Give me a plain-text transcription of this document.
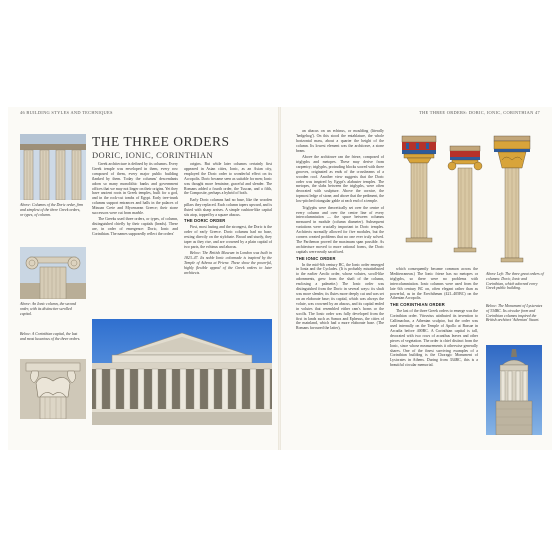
46 BUILDING STYLES AND TECHNIQUES	THE THREE ORDERS: DORIC, IONIC, CORINTHIAN 47
Above: Columns of the Doric order, firm and simplest of the three Greek orders, or types, of column.
Above: An Ionic column, the second order, with its distinctive scrolled capital.
Below: A Corinthian capital, the last and most luxurious of the three orders.
THE THREE ORDERS
DORIC, IONIC, CORINTHIAN

Greek architecture is defined by its columns. Every Greek temple was enveloped in them, every row composed of them, every major public building flanked by them. Today the columns' descendants adorn so many monolithic banks and government offices that we may not linger on their origins. Yet they have ancient roots in Greek temples, built for a god, and in the rock-cut tombs of Egypt. Early tree-trunk columns support entrances and halls in the palaces of Minoan Crete and Mycenaean Greece; their stone successors were cut from marble.

The Greeks used three orders, or types, of column, distinguished chiefly by their capitals (heads). These are, in order of emergence: Doric, Ionic and Corinthian. The names supposedly reflect the orders'

origins. But while later columns certainly first appeared in Asian cities, Ionic, as an Asian city, employed the Doric order to wonderful effect on its Acropolis. Doric became seen as suitable for men; Ionic was thought more feminine, graceful and slender. The Romans added a fourth order, the Tuscan, and a fifth, the Composite, perhaps a hybrid of both.

Early Doric columns had no base, like the wooden pillars they replaced. Each column tapers upward, and is fluted with sharp arrises. A simple cushion-like capital sits atop, topped by a square abacus.

THE DORIC ORDER

First, most lasting and the strongest, the Doric is the order of early Greece. Doric columns had no base, resting directly on the stylobate. Broad and sturdy, they taper as they rise, and are crowned by a plain capital of two parts, the echinus and abacus.

Below: The British Museum in London was built in 1823–47. Its noble Ionic colonnade is inspired by the Temple of Athena at Priene. These show the powerful, highly flexible appeal of the Greek orders to later architects.

an abacus on an echinus, or moulding (literally 'hedgehog'). On this stood the entablature, the whole horizontal mass, about a quarter the height of the column. Its lowest element was the architrave, a stone beam.

Above the architrave ran the frieze, composed of triglyphs and metopes. These may derive from carpentry; triglyphs, protruding blocks scored with three grooves, originated as ends of the crossbeams of a wooden roof. Another view suggests that the Doric order was inspired by Egypt's alabaster temples. The metopes, the slabs between the triglyphs, were often decorated with sculpture. Above the cornice, the topmost ledge of stone, and above that the pediment, the low-pitched triangular gable at each end of a temple.

Triglyphs were theoretically set over the centre of every column and over the centre line of every intercolumniation — the space between columns measured in module (column diameter). Subsequent variations were crucially important in Doric temples. Architects normally allowed for five modules, but the corners created problems that no one ever truly solved. The Parthenon proved the maximum span possible. As architecture moved to more rational forms, the Doric capitals were neatly sacrificed.

THE IONIC ORDER

In the mid-6th century BC, the Ionic order emerged in Ionia and the Cyclades. (It is probably misattributed to the earlier Aeolic order, whose volutes, scroll-like adornments, grew from the shaft of the column, enclosing a palmette.) The Ionic order was distinguished from the Doric in several ways: its shaft was more slender, its flutes more deeply cut and was set on an elaborate base; its capital, which was always the volute, was crowned by an abacus, and its capital ended in volutes that resembled either ram's horns or the scrolls. The Ionic order was fully developed from the first in lands such as Samos and Ephesus, the cities of the mainland, which had a more elaborate base. (The Romans favoured the latter),

which consequently became common across the Mediterranean.) The Ionic frieze has no metopes or triglyphs, so there were no problems with intercolumniation. Ionic columns were used from the late 6th century BC on, often elegant rather than as powerful, as in the Erechtheum (421–405BC) on the Athenian Acropolis.

THE CORINTHIAN ORDER

The last of the three Greek orders to emerge was the Corinthian order. Vitruvius attributed its invention to Callimachus, a Athenian sculptor, but the order was used internally on the Temple of Apollo at Bassae in Arcadia before 400BC. A Corinthian capital is tall, decorated with two rows of acanthus leaves and other pieces of vegetation. The order is chief distinct from the Ionic, since whose measurements it otherwise generally shares. One of the finest surviving examples of a Corinthian building is the Choragic Monument of Lysicrates in Athens. During from 334BC, this is a beautiful circular memorial.

Above Left: The three great orders of columns: Doric, Ionic and Corinthian, which adorned every Greek public building.
Below: The Monument of Lysicrates of 334BC. Its circular form and Corinthian columns inspired the British architect 'Athenian' Stuart.
